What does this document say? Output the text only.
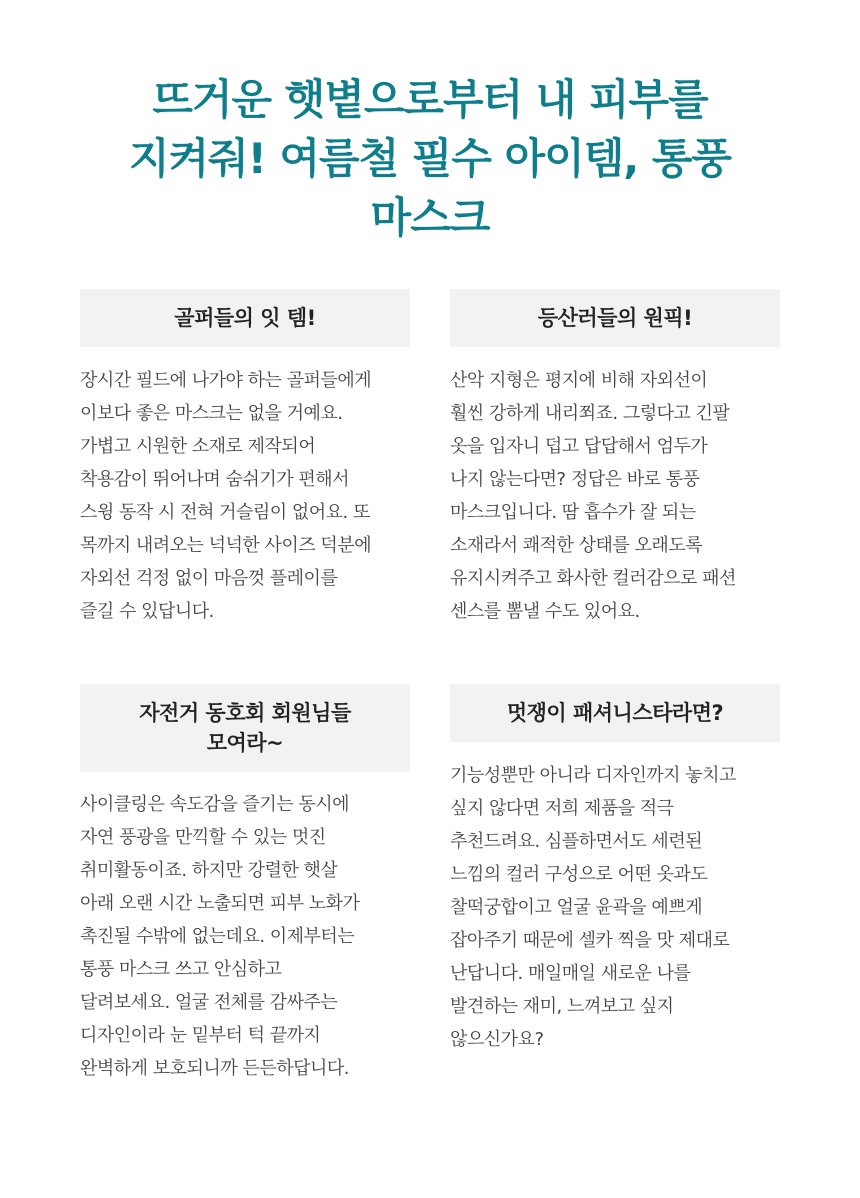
뜨거운 햇볕으로부터 내 피부를
지켜줘! 여름철 필수 아이템, 통풍
마스크
골퍼들의 잇 템!
장시간 필드에 나가야 하는 골퍼들에게
이보다 좋은 마스크는 없을 거예요.
가볍고 시원한 소재로 제작되어
착용감이 뛰어나며 숨쉬기가 편해서
스윙 동작 시 전혀 거슬림이 없어요. 또
목까지 내려오는 넉넉한 사이즈 덕분에
자외선 걱정 없이 마음껏 플레이를
즐길 수 있답니다.
등산러들의 원픽!
산악 지형은 평지에 비해 자외선이
훨씬 강하게 내리쬐죠. 그렇다고 긴팔
옷을 입자니 덥고 답답해서 엄두가
나지 않는다면? 정답은 바로 통풍
마스크입니다. 땀 흡수가 잘 되는
소재라서 쾌적한 상태를 오래도록
유지시켜주고 화사한 컬러감으로 패션
센스를 뽐낼 수도 있어요.
자전거 동호회 회원님들
모여라~
사이클링은 속도감을 즐기는 동시에
자연 풍광을 만끽할 수 있는 멋진
취미활동이죠. 하지만 강렬한 햇살
아래 오랜 시간 노출되면 피부 노화가
촉진될 수밖에 없는데요. 이제부터는
통풍 마스크 쓰고 안심하고
달려보세요. 얼굴 전체를 감싸주는
디자인이라 눈 밑부터 턱 끝까지
완벽하게 보호되니까 든든하답니다.
멋쟁이 패셔니스타라면?
기능성뿐만 아니라 디자인까지 놓치고
싶지 않다면 저희 제품을 적극
추천드려요. 심플하면서도 세련된
느낌의 컬러 구성으로 어떤 옷과도
찰떡궁합이고 얼굴 윤곽을 예쁘게
잡아주기 때문에 셀카 찍을 맛 제대로
난답니다. 매일매일 새로운 나를
발견하는 재미, 느껴보고 싶지
않으신가요?
